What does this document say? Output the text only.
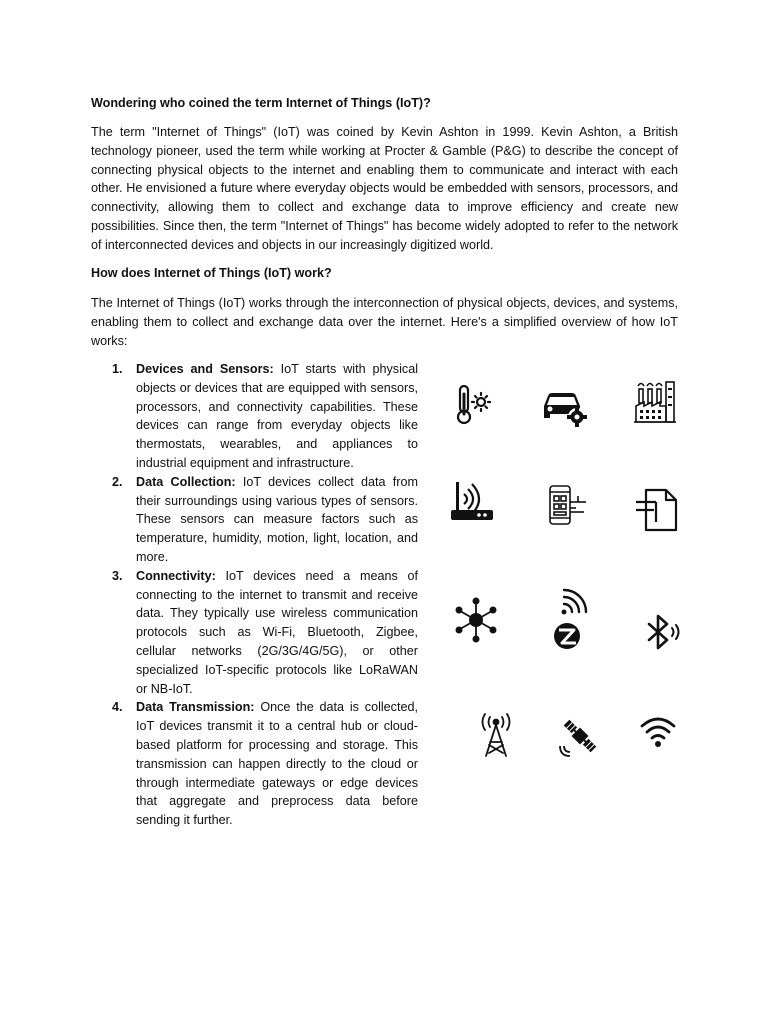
Wondering who coined the term Internet of Things (IoT)?

The term "Internet of Things" (IoT) was coined by Kevin Ashton in 1999. Kevin Ashton, a British technology pioneer, used the term while working at Procter & Gamble (P&G) to describe the concept of connecting physical objects to the internet and enabling them to communicate and interact with each other. He envisioned a future where everyday objects would be embedded with sensors, processors, and connectivity, allowing them to collect and exchange data to improve efficiency and create new possibilities. Since then, the term "Internet of Things" has become widely adopted to refer to the network of interconnected devices and objects in our increasingly digitized world.

How does Internet of Things (IoT) work?

The Internet of Things (IoT) works through the interconnection of physical objects, devices, and systems, enabling them to collect and exchange data over the internet. Here's a simplified overview of how IoT works:

1. Devices and Sensors: IoT starts with physical objects or devices that are equipped with sensors, processors, and connectivity capabilities. These devices can range from everyday objects like thermostats, wearables, and appliances to industrial equipment and infrastructure.
2. Data Collection: IoT devices collect data from their surroundings using various types of sensors. These sensors can measure factors such as temperature, humidity, motion, light, location, and more.
3. Connectivity: IoT devices need a means of connecting to the internet to transmit and receive data. They typically use wireless communication protocols such as Wi-Fi, Bluetooth, Zigbee, cellular networks (2G/3G/4G/5G), or other specialized IoT-specific protocols like LoRaWAN or NB-IoT.
4. Data Transmission: Once the data is collected, IoT devices transmit it to a central hub or cloud-based platform for processing and storage. This transmission can happen directly to the cloud or through intermediate gateways or edge devices that aggregate and preprocess data before sending it further.
